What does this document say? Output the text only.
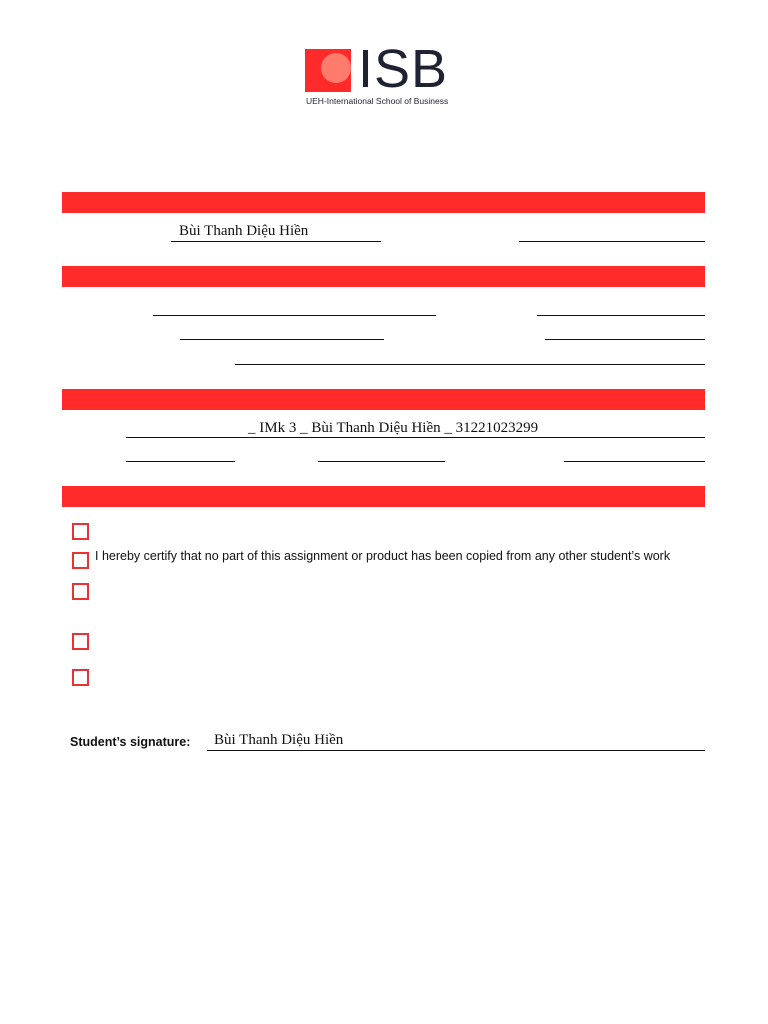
ISB
UEH-International School of Business
Bùi Thanh Diệu Hiền
_ IMk 3 _ Bùi Thanh Diệu Hiền _ 31221023299
I hereby certify that no part of this assignment or product has been copied from any other student’s work
Student’s signature: Bùi Thanh Diệu Hiền
